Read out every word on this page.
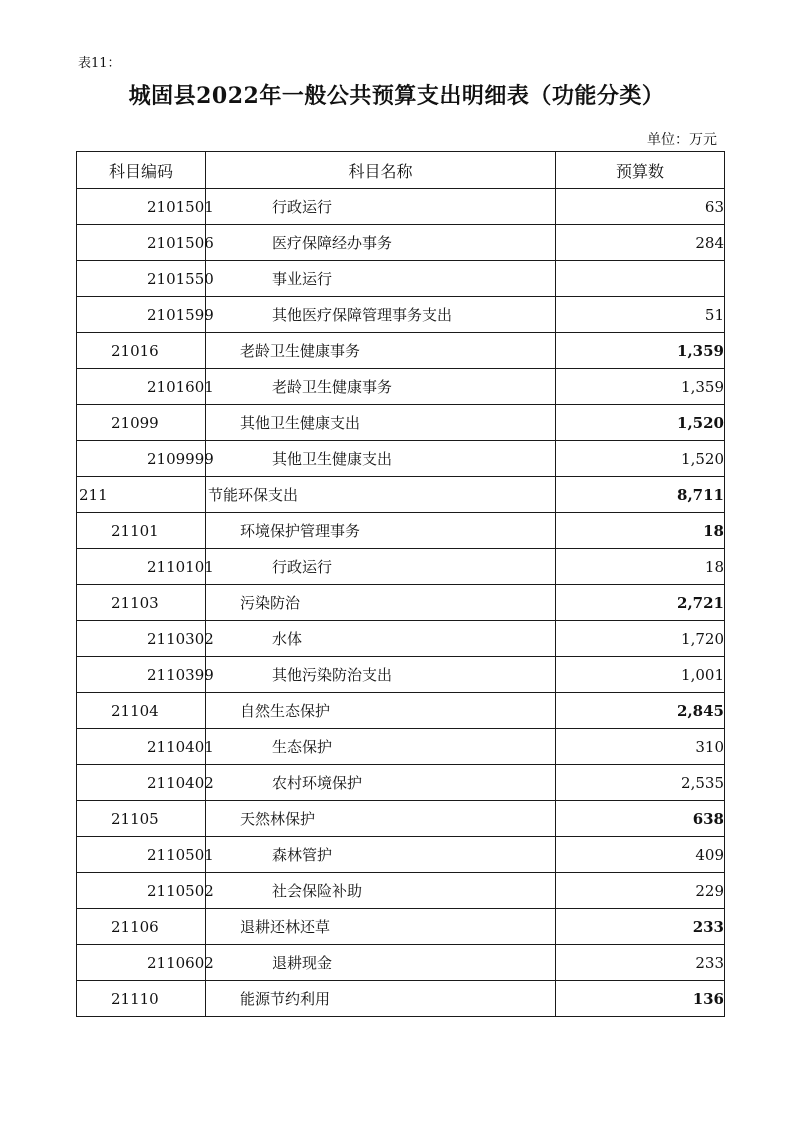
表11：
城固县2022年一般公共预算支出明细表（功能分类）
单位：万元
科目编码	科目名称	预算数
2101501	行政运行	63
2101506	医疗保障经办事务	284
2101550	事业运行	
2101599	其他医疗保障管理事务支出	51
21016	老龄卫生健康事务	1,359
2101601	老龄卫生健康事务	1,359
21099	其他卫生健康支出	1,520
2109999	其他卫生健康支出	1,520
211	节能环保支出	8,711
21101	环境保护管理事务	18
2110101	行政运行	18
21103	污染防治	2,721
2110302	水体	1,720
2110399	其他污染防治支出	1,001
21104	自然生态保护	2,845
2110401	生态保护	310
2110402	农村环境保护	2,535
21105	天然林保护	638
2110501	森林管护	409
2110502	社会保险补助	229
21106	退耕还林还草	233
2110602	退耕现金	233
21110	能源节约利用	136
